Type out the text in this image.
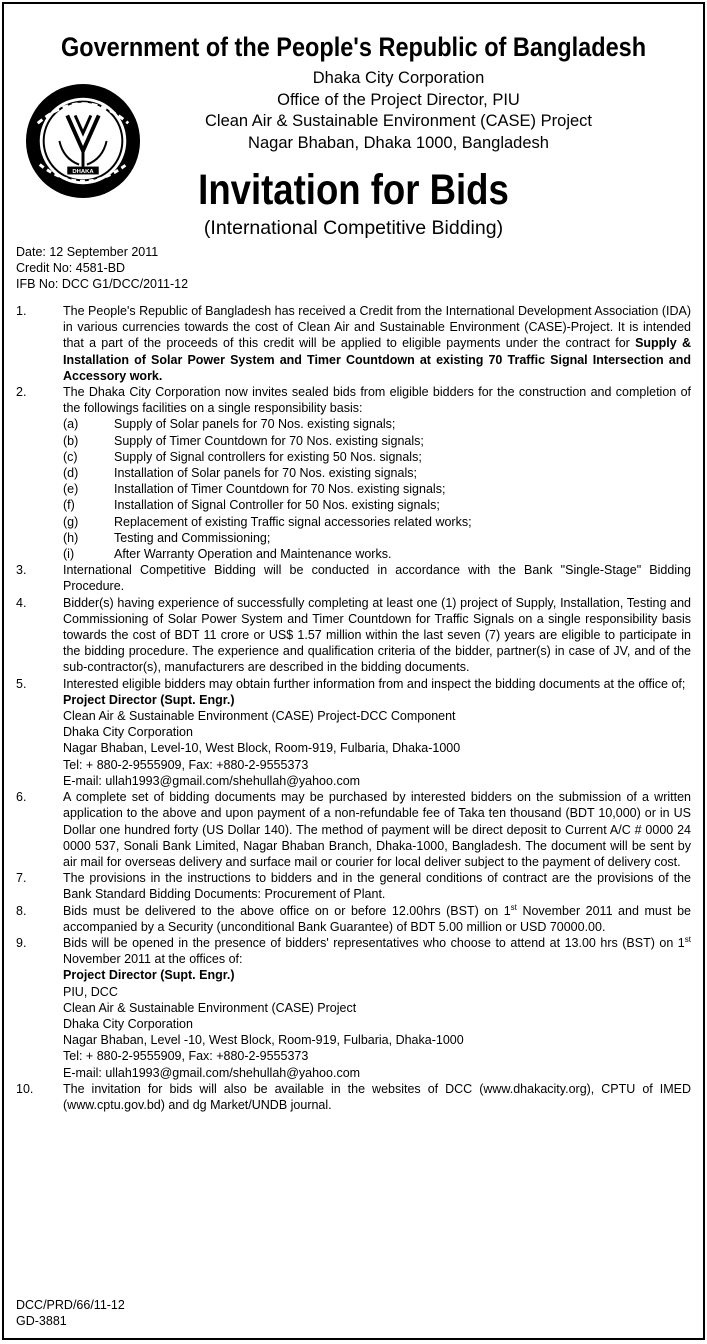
Government of the People's Republic of Bangladesh
DHAKA
Dhaka City Corporation
Office of the Project Director, PIU
Clean Air & Sustainable Environment (CASE) Project
Nagar Bhaban, Dhaka 1000, Bangladesh
Invitation for Bids
(International Competitive Bidding)
Date: 12 September 2011
Credit No: 4581-BD
IFB No: DCC G1/DCC/2011-12
1.	The People's Republic of Bangladesh has received a Credit from the International Development Association (IDA) in various currencies towards the cost of Clean Air and Sustainable Environment (CASE)-Project. It is intended that a part of the proceeds of this credit will be applied to eligible payments under the contract for Supply & Installation of Solar Power System and Timer Countdown at existing 70 Traffic Signal Intersection and Accessory work.
2.	The Dhaka City Corporation now invites sealed bids from eligible bidders for the construction and completion of the followings facilities on a single responsibility basis:
(a)	Supply of Solar panels for 70 Nos. existing signals;
(b)	Supply of Timer Countdown for 70 Nos. existing signals;
(c)	Supply of Signal controllers for existing 50 Nos. signals;
(d)	Installation of Solar panels for 70 Nos. existing signals;
(e)	Installation of Timer Countdown for 70 Nos. existing signals;
(f)	Installation of Signal Controller for 50 Nos. existing signals;
(g)	Replacement of existing Traffic signal accessories related works;
(h)	Testing and Commissioning;
(i)	After Warranty Operation and Maintenance works.
3.	International Competitive Bidding will be conducted in accordance with the Bank "Single-Stage" Bidding Procedure.
4.	Bidder(s) having experience of successfully completing at least one (1) project of Supply, Installation, Testing and Commissioning of Solar Power System and Timer Countdown for Traffic Signals on a single responsibility basis towards the cost of BDT 11 crore or US$ 1.57 million within the last seven (7) years are eligible to participate in the bidding procedure. The experience and qualification criteria of the bidder, partner(s) in case of JV, and of the sub-contractor(s), manufacturers are described in the bidding documents.
5.	Interested eligible bidders may obtain further information from and inspect the bidding documents at the office of;
Project Director (Supt. Engr.)
Clean Air & Sustainable Environment (CASE) Project-DCC Component
Dhaka City Corporation
Nagar Bhaban, Level-10, West Block, Room-919, Fulbaria, Dhaka-1000
Tel: + 880-2-9555909, Fax: +880-2-9555373
E-mail: ullah1993@gmail.com/shehullah@yahoo.com
6.	A complete set of bidding documents may be purchased by interested bidders on the submission of a written application to the above and upon payment of a non-refundable fee of Taka ten thousand (BDT 10,000) or in US Dollar one hundred forty (US Dollar 140). The method of payment will be direct deposit to Current A/C # 0000 24 0000 537, Sonali Bank Limited, Nagar Bhaban Branch, Dhaka-1000, Bangladesh. The document will be sent by air mail for overseas delivery and surface mail or courier for local deliver subject to the payment of delivery cost.
7.	The provisions in the instructions to bidders and in the general conditions of contract are the provisions of the Bank Standard Bidding Documents: Procurement of Plant.
8.	Bids must be delivered to the above office on or before 12.00hrs (BST) on 1st November 2011 and must be accompanied by a Security (unconditional Bank Guarantee) of BDT 5.00 million or USD 70000.00.
9.	Bids will be opened in the presence of bidders' representatives who choose to attend at 13.00 hrs (BST) on 1st November 2011 at the offices of:
Project Director (Supt. Engr.)
PIU, DCC
Clean Air & Sustainable Environment (CASE) Project
Dhaka City Corporation
Nagar Bhaban, Level -10, West Block, Room-919, Fulbaria, Dhaka-1000
Tel: + 880-2-9555909, Fax: +880-2-9555373
E-mail: ullah1993@gmail.com/shehullah@yahoo.com
10.	The invitation for bids will also be available in the websites of DCC (www.dhakacity.org), CPTU of IMED (www.cptu.gov.bd) and dg Market/UNDB journal.
DCC/PRD/66/11-12
GD-3881
